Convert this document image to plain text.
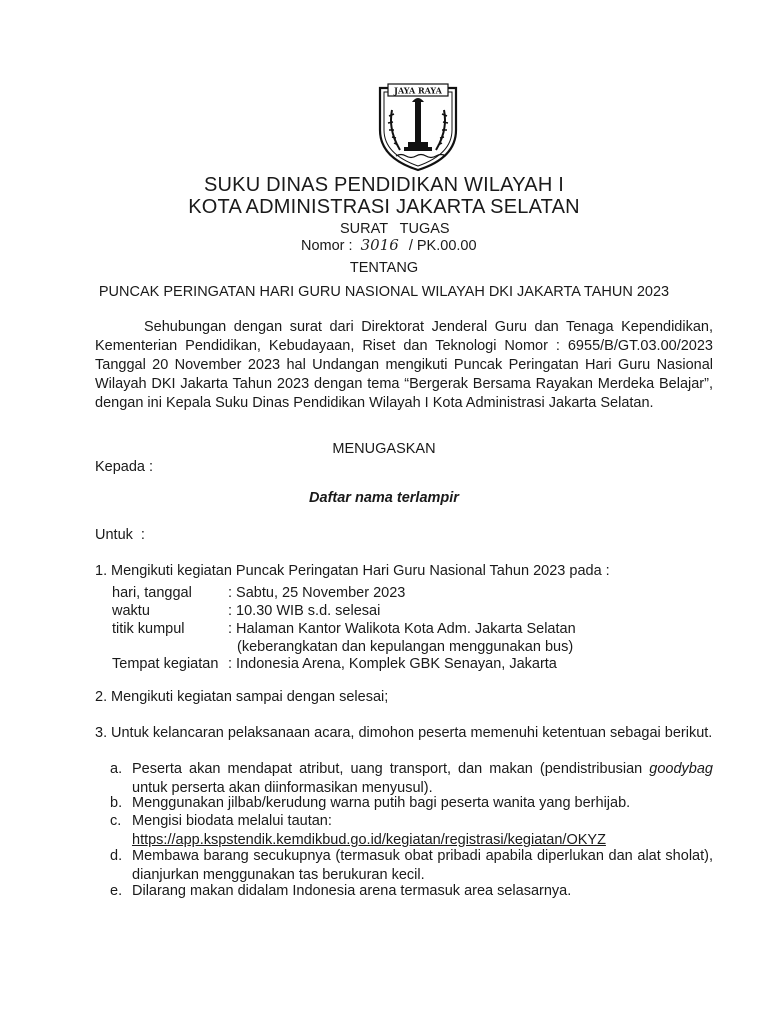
JAYA RAYA
SUKU DINAS PENDIDIKAN WILAYAH I
KOTA ADMINISTRASI JAKARTA SELATAN
SURAT   TUGAS
Nomor : 3016 / PK.00.00
TENTANG
PUNCAK PERINGATAN HARI GURU NASIONAL WILAYAH DKI JAKARTA TAHUN 2023

Sehubungan dengan surat dari Direktorat Jenderal Guru dan Tenaga Kependidikan, Kementerian Pendidikan, Kebudayaan, Riset dan Teknologi Nomor : 6955/B/GT.03.00/2023 Tanggal 20 November 2023 hal Undangan mengikuti Puncak Peringatan Hari Guru Nasional Wilayah DKI Jakarta Tahun 2023 dengan tema “Bergerak Bersama Rayakan Merdeka Belajar”, dengan ini Kepala Suku Dinas Pendidikan Wilayah I Kota Administrasi Jakarta Selatan.

MENUGASKAN
Kepada :
Daftar nama terlampir
Untuk  :
1. Mengikuti kegiatan Puncak Peringatan Hari Guru Nasional Tahun 2023 pada :
hari, tanggal : Sabtu, 25 November 2023
waktu	: 10.30 WIB s.d. selesai
titik kumpul	: Halaman Kantor Walikota Kota Adm. Jakarta Selatan
(keberangkatan dan kepulangan menggunakan bus)
Tempat kegiatan : Indonesia Arena, Komplek GBK Senayan, Jakarta
2. Mengikuti kegiatan sampai dengan selesai;
3. Untuk kelancaran pelaksanaan acara, dimohon peserta memenuhi ketentuan sebagai berikut.
a. Peserta akan mendapat atribut, uang transport, dan makan (pendistribusian goodybag untuk perserta akan diinformasikan menyusul).
b. Menggunakan jilbab/kerudung warna putih bagi peserta wanita yang berhijab.
c. Mengisi biodata melalui tautan:
https://app.kspstendik.kemdikbud.go.id/kegiatan/registrasi/kegiatan/OKYZ
d. Membawa barang secukupnya (termasuk obat pribadi apabila diperlukan dan alat sholat), dianjurkan menggunakan tas berukuran kecil.
e. Dilarang makan didalam Indonesia arena termasuk area selasarnya.
